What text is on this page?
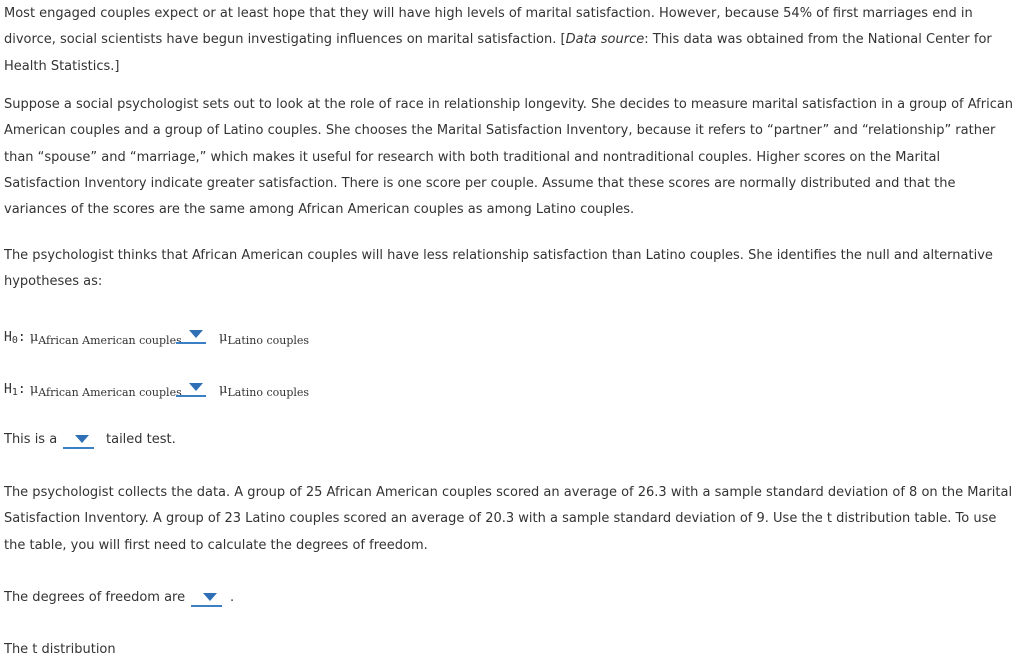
Most engaged couples expect or at least hope that they will have high levels of marital satisfaction. However, because 54% of first marriages end in divorce, social scientists have begun investigating influences on marital satisfaction. [Data source: This data was obtained from the National Center for Health Statistics.]

Suppose a social psychologist sets out to look at the role of race in relationship longevity. She decides to measure marital satisfaction in a group of African American couples and a group of Latino couples. She chooses the Marital Satisfaction Inventory, because it refers to “partner” and “relationship” rather than “spouse” and “marriage,” which makes it useful for research with both traditional and nontraditional couples. Higher scores on the Marital Satisfaction Inventory indicate greater satisfaction. There is one score per couple. Assume that these scores are normally distributed and that the variances of the scores are the same among African American couples as among Latino couples.

The psychologist thinks that African American couples will have less relationship satisfaction than Latino couples. She identifies the null and alternative hypotheses as:

H0: $\mu_{African American couples}$	$\mu_{Latino couples}$
H1: $\mu_{African American couples}$	$\mu_{Latino couples}$
This is a	tailed test.

The psychologist collects the data. A group of 25 African American couples scored an average of 26.3 with a sample standard deviation of 8 on the Marital Satisfaction Inventory. A group of 23 Latino couples scored an average of 20.3 with a sample standard deviation of 9. Use the t distribution table. To use the table, you will first need to calculate the degrees of freedom.

The degrees of freedom are	.
The t distribution
